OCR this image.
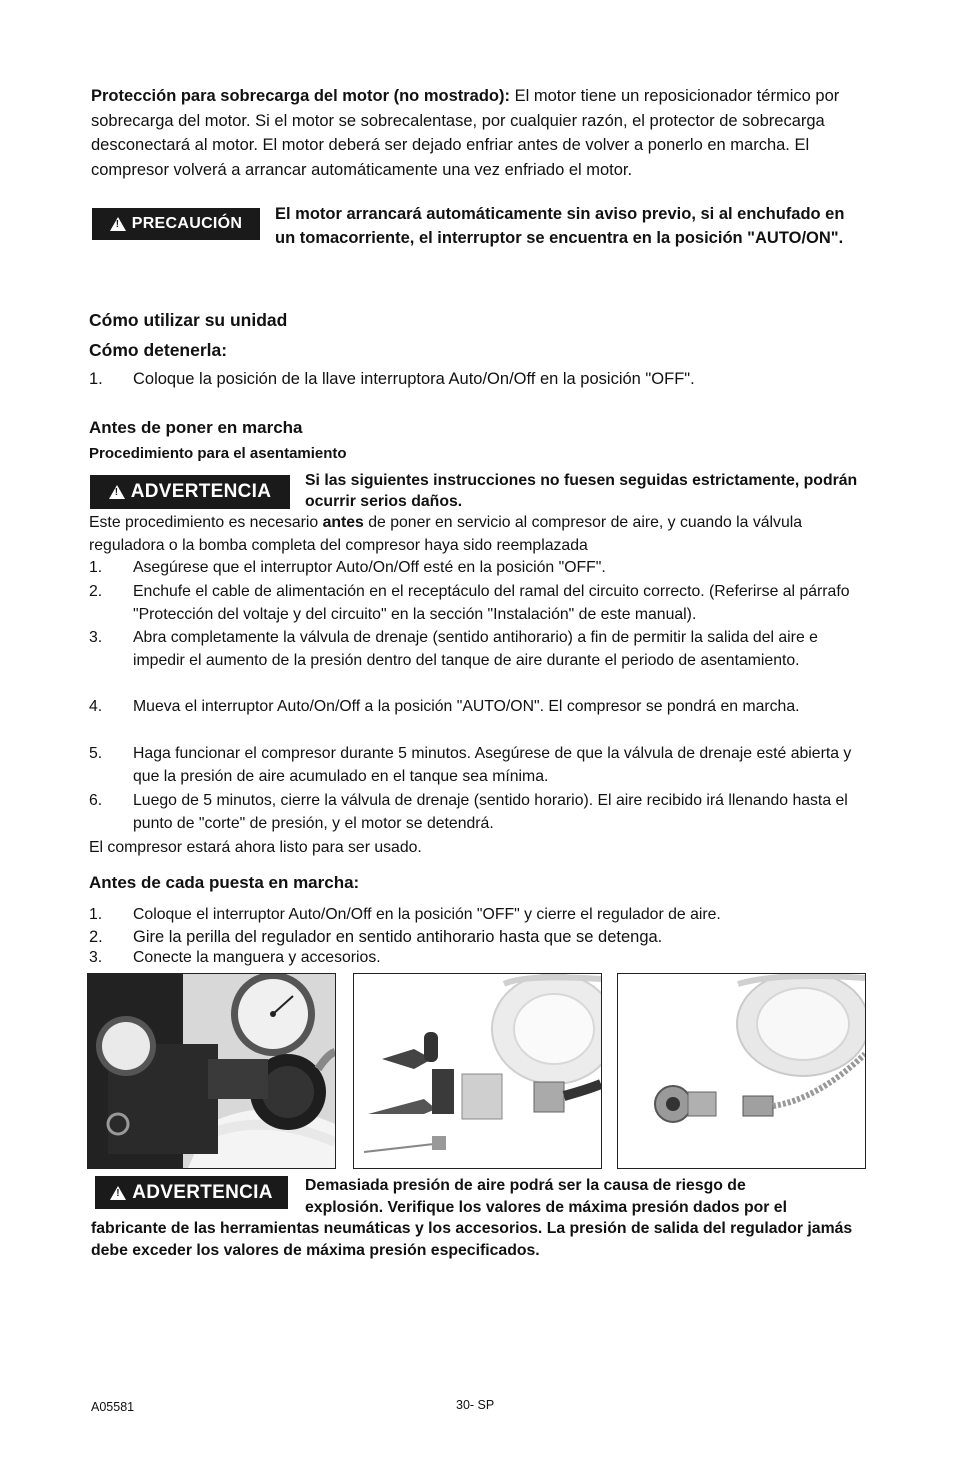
Protección para sobrecarga del motor (no mostrado): El motor tiene un reposicionador térmico por sobrecarga del motor. Si el motor se sobrecalentase, por cualquier razón, el protector de sobrecarga desconectará al motor. El motor deberá ser dejado enfriar antes de volver a ponerlo en marcha. El compresor volverá a arrancar automáticamente una vez enfriado el motor.
!
PRECAUCIÓN
El motor arrancará automáticamente sin aviso previo, si al enchufado en un tomacorriente, el interruptor se encuentra en la posición "AUTO/ON".
Cómo utilizar su unidad
Cómo detenerla:
1. Coloque la posición de la llave interruptora Auto/On/Off en la posición "OFF".
Antes de poner en marcha
Procedimiento para el asentamiento
!
ADVERTENCIA
Si las siguientes instrucciones no fuesen seguidas estrictamente, podrán ocurrir serios daños.
Este procedimiento es necesario antes de poner en servicio al compresor de aire, y cuando la válvula reguladora o la bomba completa del compresor haya sido reemplazada
1. Asegúrese que el interruptor Auto/On/Off esté en la posición "OFF".
2. Enchufe el cable de alimentación en el receptáculo del ramal del circuito correcto. (Referirse al párrafo "Protección del voltaje y del circuito" en la sección "Instalación" de este manual).
3. Abra completamente la válvula de drenaje (sentido antihorario) a fin de permitir la salida del aire e impedir el aumento de la presión dentro del tanque de aire durante el periodo de asentamiento.
4. Mueva el interruptor Auto/On/Off a la posición "AUTO/ON". El compresor se pondrá en marcha.
5. Haga funcionar el compresor durante 5 minutos. Asegúrese de que la válvula de drenaje esté abierta y que la presión de aire acumulado en el tanque sea mínima.
6. Luego de 5 minutos, cierre la válvula de drenaje (sentido horario). El aire recibido irá llenando hasta el punto de "corte" de presión, y el motor se detendrá.
El compresor estará ahora listo para ser usado.
Antes de cada puesta en marcha:
1. Coloque el interruptor Auto/On/Off en la posición "OFF" y cierre el regulador de aire.
2. Gire la perilla del regulador en sentido antihorario hasta que se detenga.
3. Conecte la manguera y accesorios.
!
ADVERTENCIA Demasiada presión de aire podrá ser la causa de riesgo de
explosión. Verifique los valores de máxima presión dados por el
fabricante de las herramientas neumáticas y los accesorios. La presión de salida del regulador jamás debe exceder los valores de máxima presión especificados.
A05581	30- SP
